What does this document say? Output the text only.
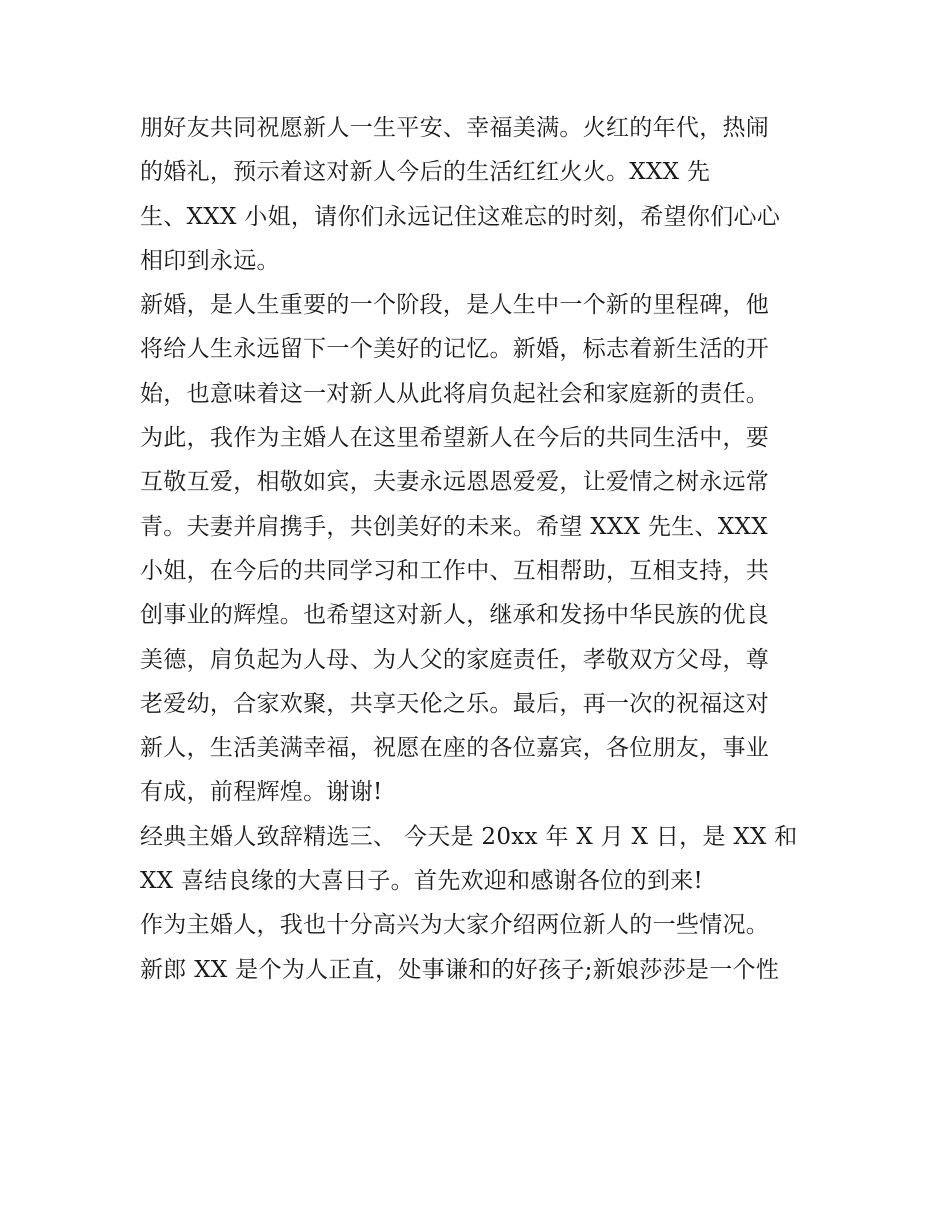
朋好友共同祝愿新人一生平安、幸福美满。火红的年代，热闹
的婚礼，预示着这对新人今后的生活红红火火。XXX 先
生、XXX 小姐，请你们永远记住这难忘的时刻，希望你们心心
相印到永远。
新婚，是人生重要的一个阶段，是人生中一个新的里程碑，他
将给人生永远留下一个美好的记忆。新婚，标志着新生活的开
始，也意味着这一对新人从此将肩负起社会和家庭新的责任。
为此，我作为主婚人在这里希望新人在今后的共同生活中，要
互敬互爱，相敬如宾，夫妻永远恩恩爱爱，让爱情之树永远常
青。夫妻并肩携手，共创美好的未来。希望 XXX 先生、XXX
小姐，在今后的共同学习和工作中、互相帮助，互相支持，共
创事业的辉煌。也希望这对新人，继承和发扬中华民族的优良
美德，肩负起为人母、为人父的家庭责任，孝敬双方父母，尊
老爱幼，合家欢聚，共享天伦之乐。最后，再一次的祝福这对
新人，生活美满幸福，祝愿在座的各位嘉宾，各位朋友，事业
有成，前程辉煌。谢谢!
经典主婚人致辞精选三、 今天是 20xx 年 X 月 X 日，是 XX 和
XX 喜结良缘的大喜日子。首先欢迎和感谢各位的到来!
作为主婚人，我也十分高兴为大家介绍两位新人的一些情况。
新郎 XX 是个为人正直，处事谦和的好孩子;新娘莎莎是一个性
